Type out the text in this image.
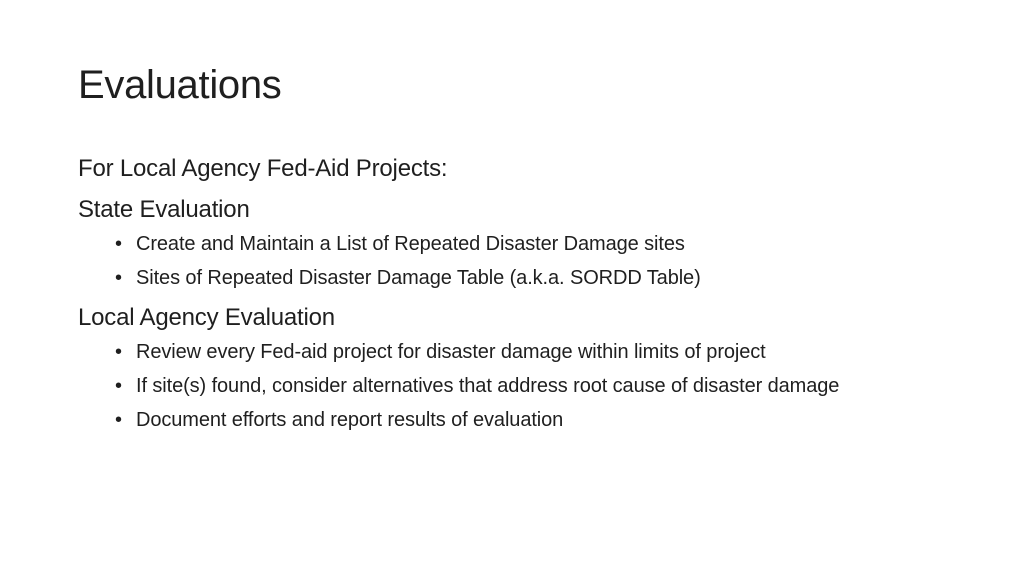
Evaluations

For Local Agency Fed-Aid Projects:

State Evaluation

• Create and Maintain a List of Repeated Disaster Damage sites
• Sites of Repeated Disaster Damage Table (a.k.a. SORDD Table)

Local Agency Evaluation

• Review every Fed-aid project for disaster damage within limits of project
• If site(s) found, consider alternatives that address root cause of disaster damage
• Document efforts and report results of evaluation
